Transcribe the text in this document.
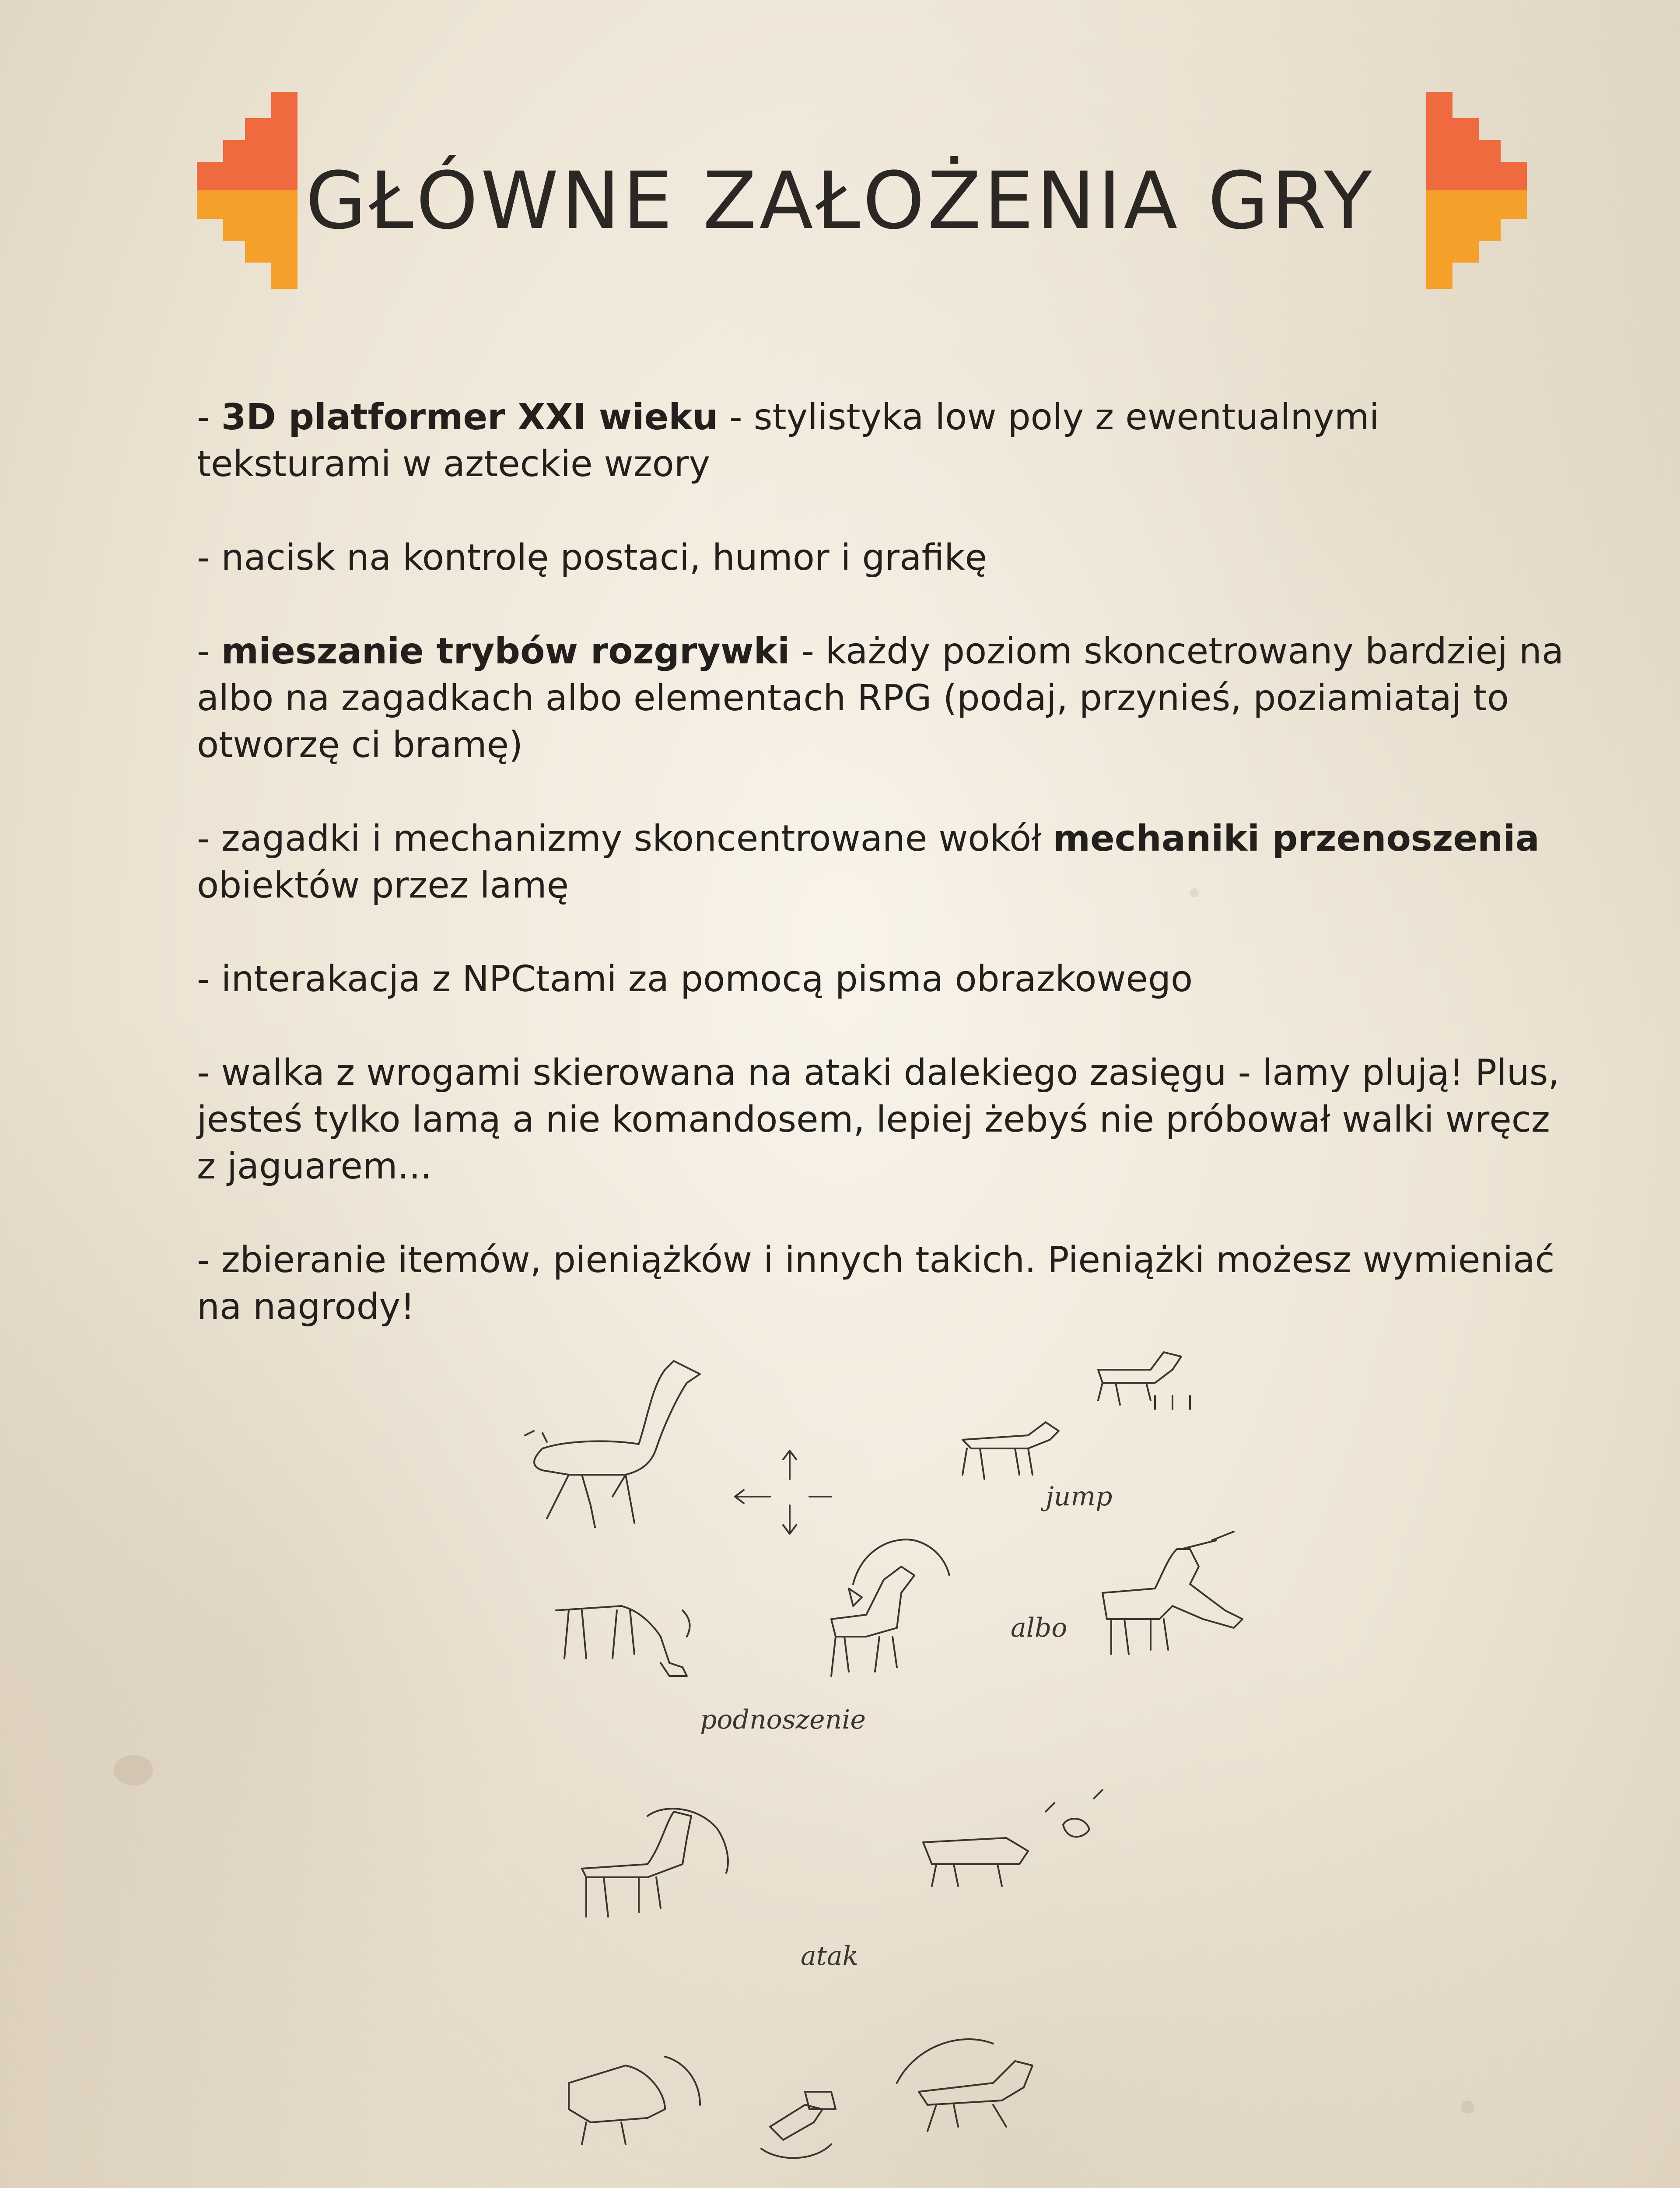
GŁÓWNE ZAŁOŻENIA GRY

- 3D platformer XXI wieku - stylistyka low poly z ewentualnymi teksturami w azteckie wzory

- nacisk na kontrolę postaci, humor i grafikę

- mieszanie trybów rozgrywki - każdy poziom skoncetrowany bardziej na albo na zagadkach albo elementach RPG (podaj, przynieś, poziamiataj to otworzę ci bramę)

- zagadki i mechanizmy skoncentrowane wokół mechaniki przenoszenia obiektów przez lamę

- interakacja z NPCtami za pomocą pisma obrazkowego

- walka z wrogami skierowana na ataki dalekiego zasięgu - lamy plują! Plus, jesteś tylko lamą a nie komandosem, lepiej żebyś nie próbował walki wręcz z jaguarem...

- zbieranie itemów, pieniążków i innych takich. Pieniążki możesz wymieniać na nagrody!

jump
podnoszenie
albo
atak
